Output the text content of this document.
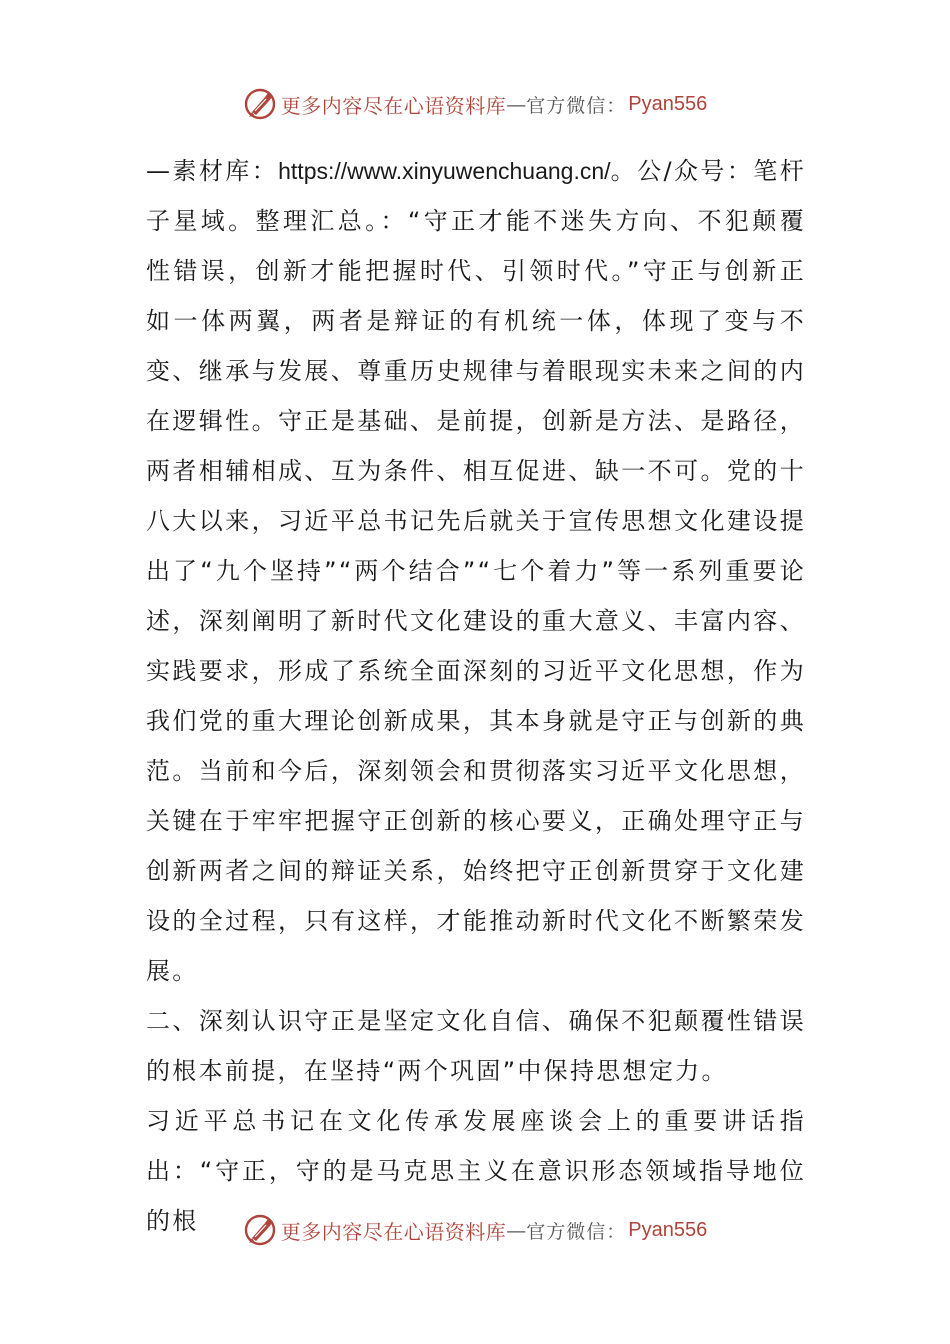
更多内容尽在心语资料库 — 官方微信： Pyan556

—素材库：https://www.xinyuwenchuang.cn/。公/众号：笔杆子星域。整理汇总。：“守正才能不迷失方向、不犯颠覆性错误，创新才能把握时代、引领时代。”守正与创新正如一体两翼，两者是辩证的有机统一体，体现了变与不变、继承与发展、尊重历史规律与着眼现实未来之间的内在逻辑性。守正是基础、是前提，创新是方法、是路径，两者相辅相成、互为条件、相互促进、缺一不可。党的十八大以来，习近平总书记先后就关于宣传思想文化建设提出了“九个坚持”“两个结合”“七个着力”等一系列重要论述，深刻阐明了新时代文化建设的重大意义、丰富内容、实践要求，形成了系统全面深刻的习近平文化思想，作为我们党的重大理论创新成果，其本身就是守正与创新的典范。当前和今后，深刻领会和贯彻落实习近平文化思想，关键在于牢牢把握守正创新的核心要义，正确处理守正与创新两者之间的辩证关系，始终把守正创新贯穿于文化建设的全过程，只有这样，才能推动新时代文化不断繁荣发展。

二、深刻认识守正是坚定文化自信、确保不犯颠覆性错误的根本前提，在坚持“两个巩固”中保持思想定力。

习近平总书记在文化传承发展座谈会上的重要讲话指出：“守正，守的是马克思主义在意识形态领域指导地位的根	更多内容尽在心语资料库 — 官方微信： Pyan556
